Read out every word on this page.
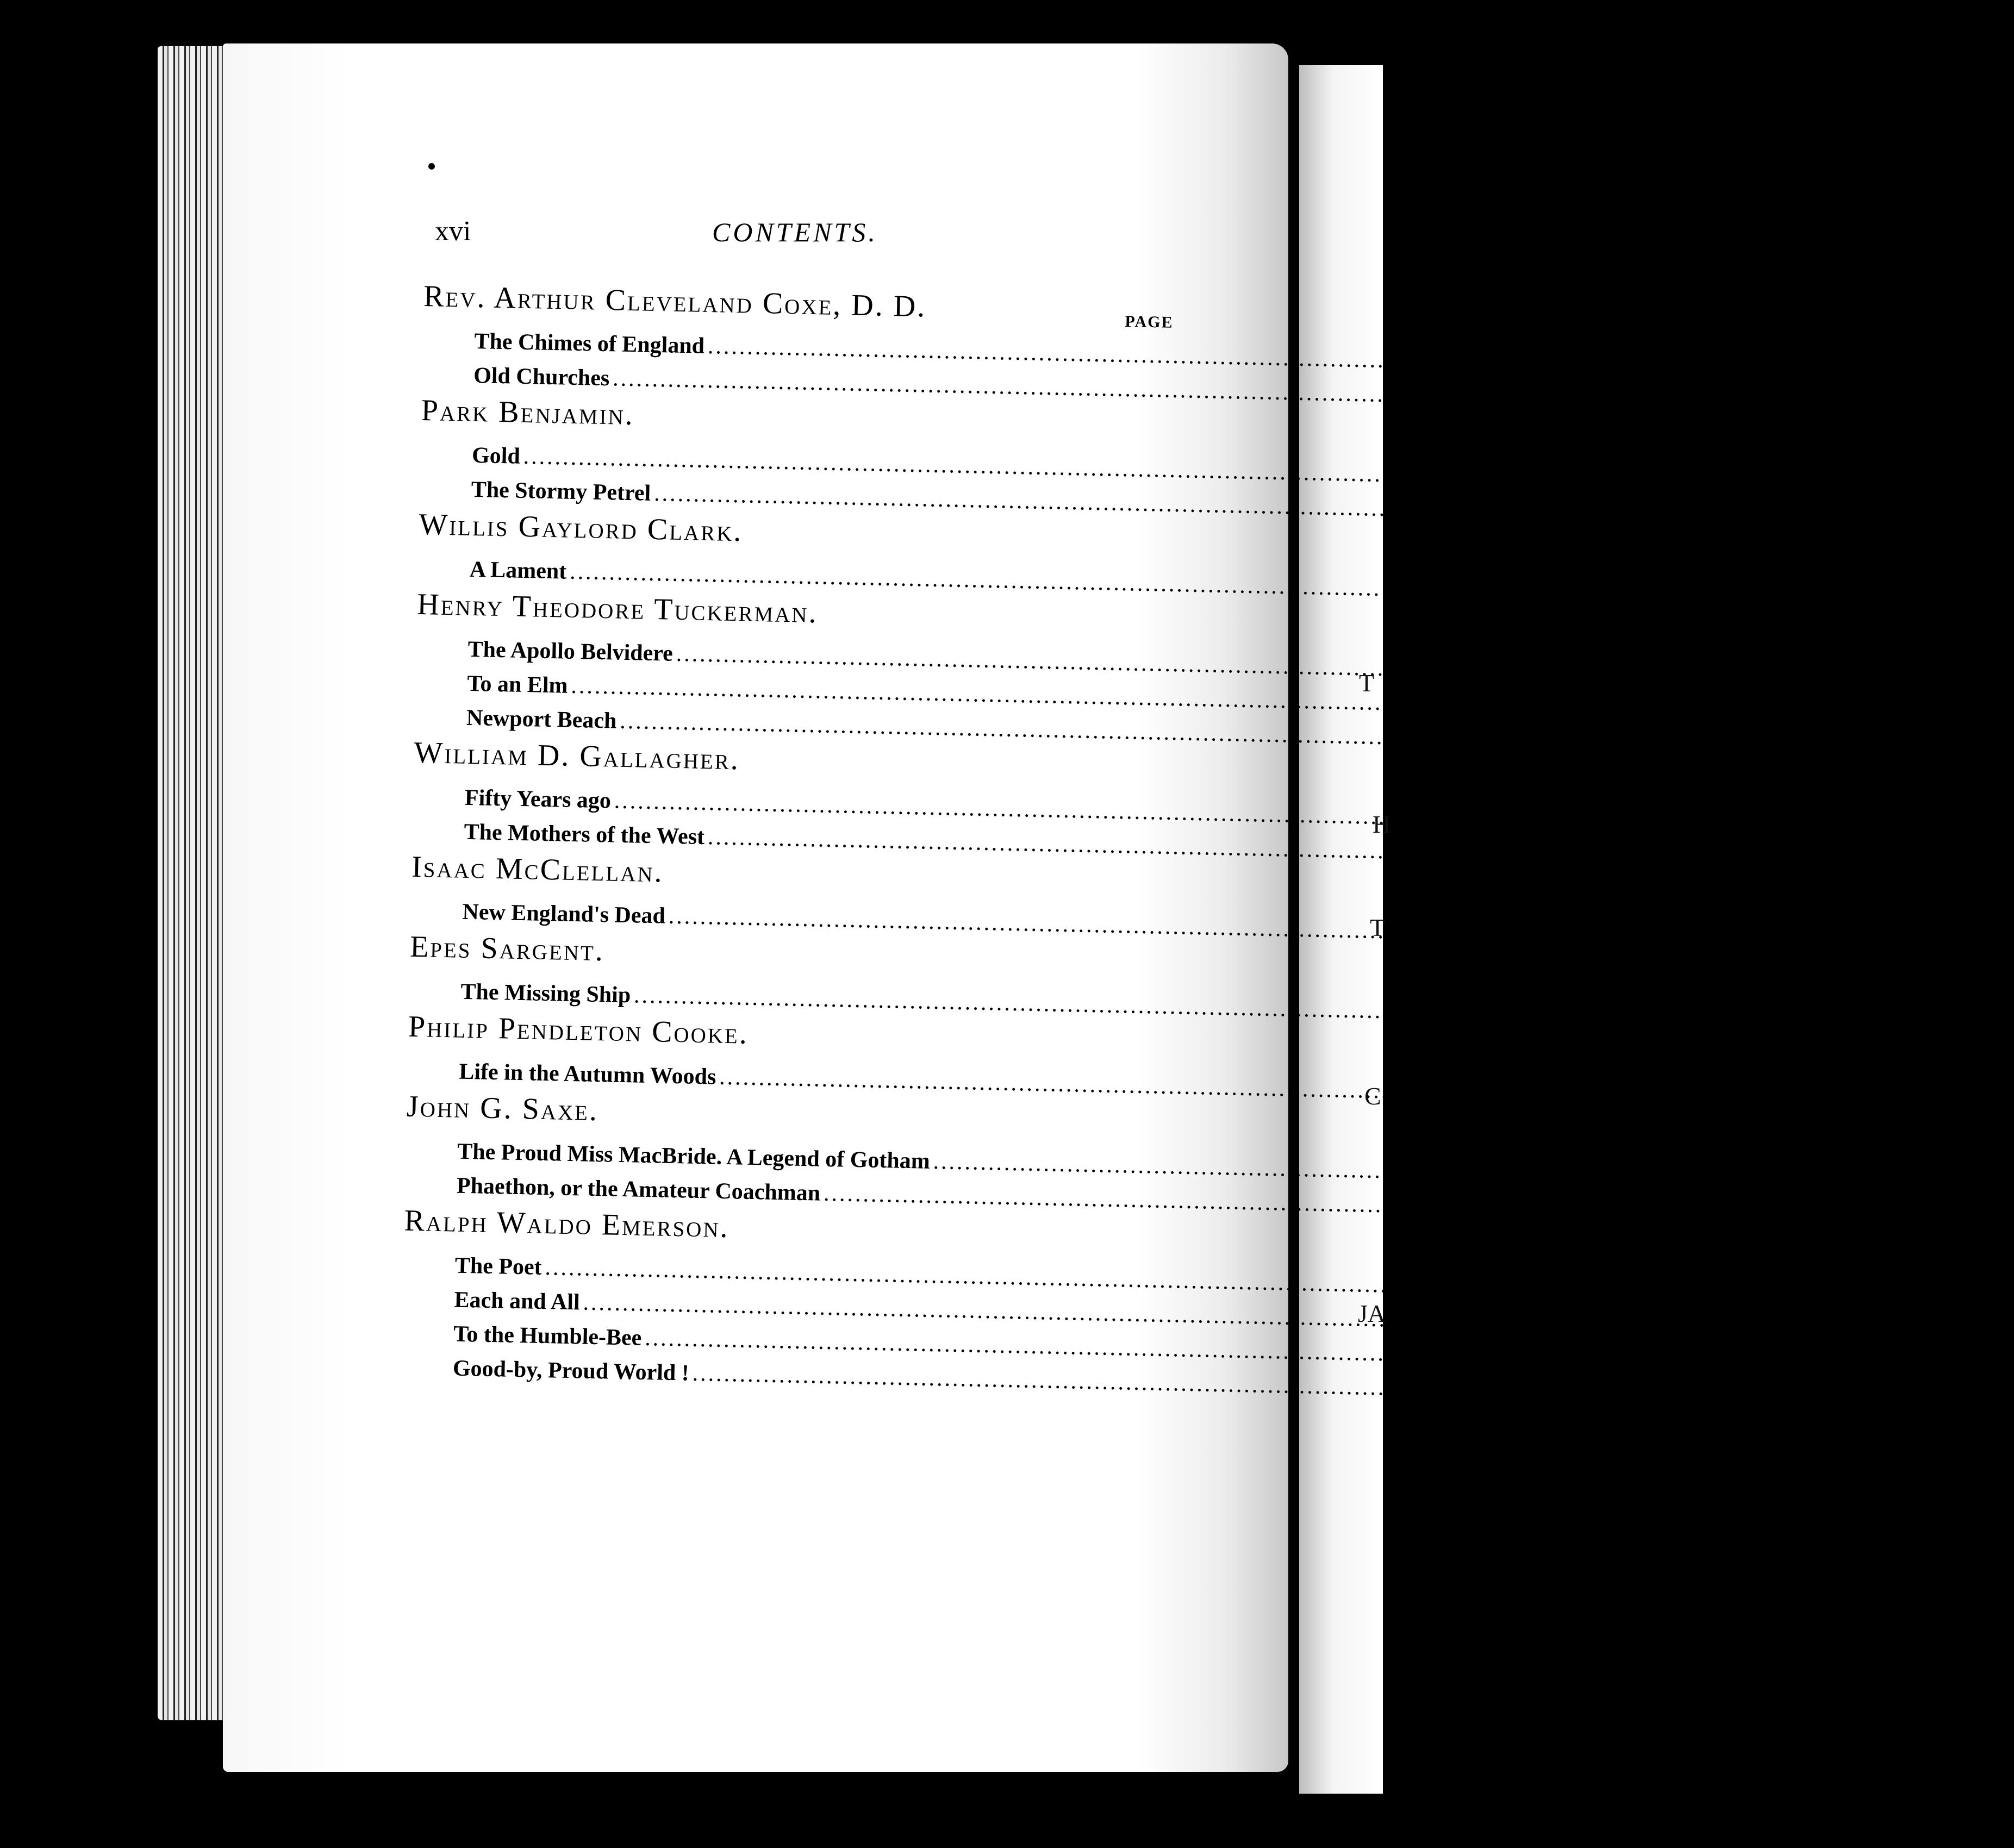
T
H
T
C
JA
xvi	CONTENTS.
PAGE
Rev. Arthur Cleveland Coxe, D. D.
The Chimes of England
.....
359
Old Churches
.....
361
Park Benjamin.
Gold
.....
363
The Stormy Petrel
.....
364
Willis Gaylord Clark.
A Lament
.....
365
Henry Theodore Tuckerman.
The Apollo Belvidere
.....
367
To an Elm
.....
372
Newport Beach
.....
374
William D. Gallagher.
Fifty Years ago
.....
378
The Mothers of the West
.....
381
Isaac McClellan.
New England's Dead
.....
382
Epes Sargent.
The Missing Ship
.....
384
Philip Pendleton Cooke.
Life in the Autumn Woods
.....
386
John G. Saxe.
The Proud Miss MacBride. A Legend of Gotham
.....
389
Phaethon, or the Amateur Coachman
.....
399
Ralph Waldo Emerson.
The Poet
.....
403
Each and All
.....
405
To the Humble-Bee
.....
407
Good-by, Proud World !
.....
409
